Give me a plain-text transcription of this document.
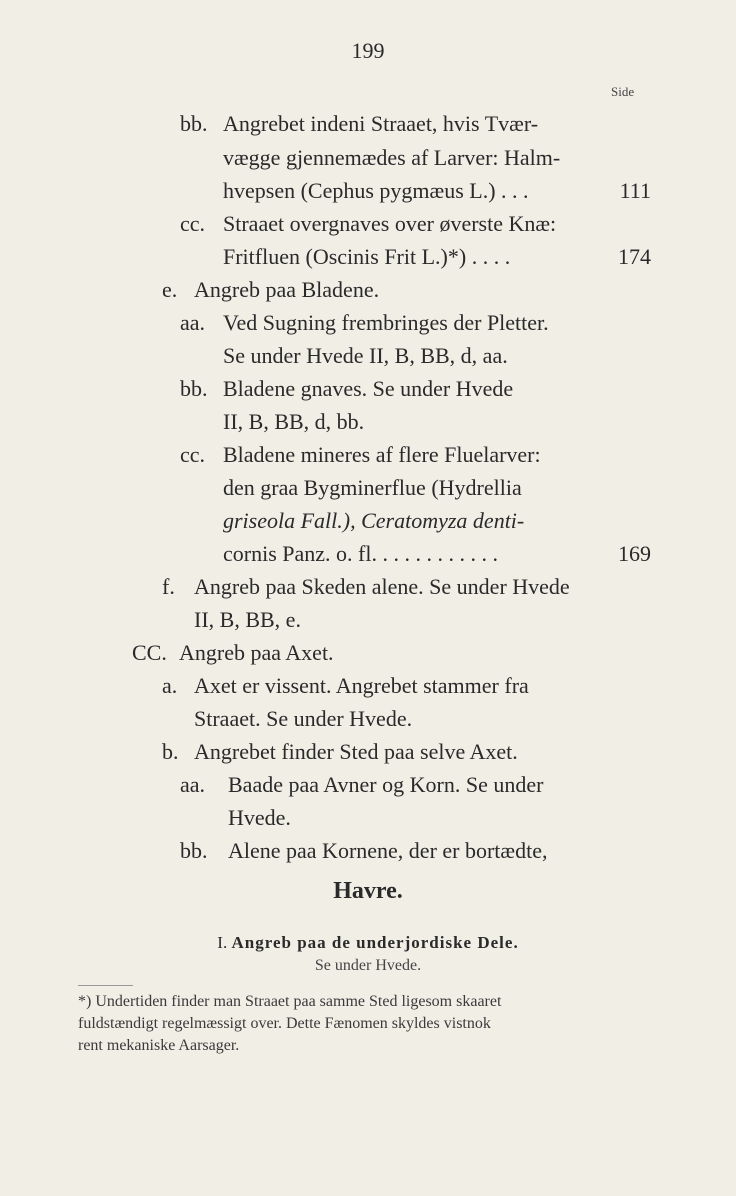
199
Side
bb. Angrebet indeni Straaet, hvis Tvær-
vægge gjennemædes af Larver: Halm-
hvepsen (Cephus pygmæus L.) . . .	111
cc. Straaet overgnaves over øverste Knæ:
Fritfluen (Oscinis Frit L.)*) . . . .	174
e. Angreb paa Bladene.
aa. Ved Sugning frembringes der Pletter.
Se under Hvede II, B, BB, d, aa.
bb. Bladene gnaves. Se under Hvede
II, B, BB, d, bb.
cc. Bladene mineres af flere Fluelarver:
den graa Bygminerflue (Hydrellia
griseola Fall.), Ceratomyza denti-
cornis Panz. o. fl. . . . . . . . . . . .	169
f. Angreb paa Skeden alene. Se under Hvede
II, B, BB, e.
CC. Angreb paa Axet.
a. Axet er vissent. Angrebet stammer fra
Straaet. Se under Hvede.
b. Angrebet finder Sted paa selve Axet.
aa. Baade paa Avner og Korn. Se under
Hvede.
bb. Alene paa Kornene, der er bortædte,
Havre.
I. Angreb paa de underjordiske Dele.
Se under Hvede.
*) Undertiden finder man Straaet paa samme Sted ligesom skaaret
fuldstændigt regelmæssigt over. Dette Fænomen skyldes vistnok
rent mekaniske Aarsager.
